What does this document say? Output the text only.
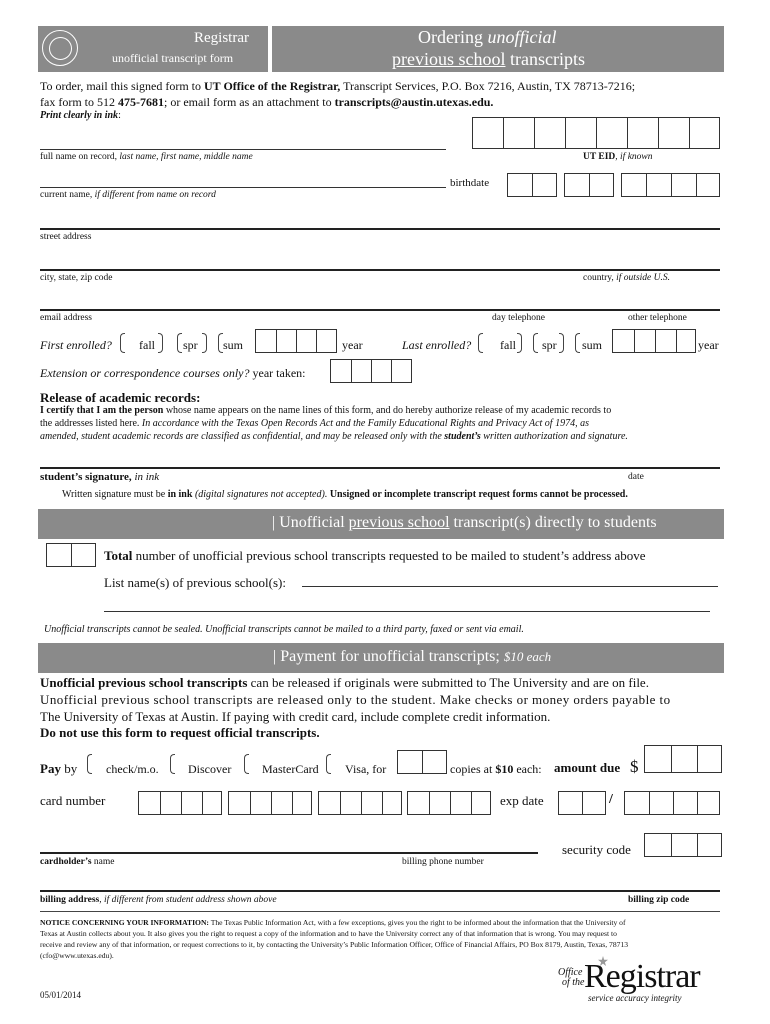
Registrar
unofficial transcript form
Ordering unofficial
previous school transcripts
To order, mail this signed form to UT Office of the Registrar, Transcript Services, P.O. Box 7216, Austin, TX 78713-7216;
fax form to 512 475-7681; or email form as an attachment to transcripts@austin.utexas.edu.
Print clearly in ink:
full name on record, last name, first name, middle name	UT EID, if known
birthdate
current name, if different from name on record
street address
city, state, zip code	country, if outside U.S.
email address	day telephone	other telephone
First enrolled? fall spr sum	year	Last enrolled? fall spr sum	year
Extension or correspondence courses only? year taken:
Release of academic records:
I certify that I am the person whose name appears on the name lines of this form, and do hereby authorize release of my academic records to
the addresses listed here. In accordance with the Texas Open Records Act and the Family Educational Rights and Privacy Act of 1974, as
amended, student academic records are classified as confidential, and may be released only with the student’s written authorization and signature.
student’s signature, in ink	date
Written signature must be in ink (digital signatures not accepted). Unsigned or incomplete transcript request forms cannot be processed.
| Unofficial previous school transcript(s) directly to students
Total number of unofficial previous school transcripts requested to be mailed to student’s address above
List name(s) of previous school(s):
Unofficial transcripts cannot be sealed. Unofficial transcripts cannot be mailed to a third party, faxed or sent via email.
| Payment for unofficial transcripts; $10 each
Unofficial previous school transcripts can be released if originals were submitted to The University and are on file.
Unofficial previous school transcripts are released only to the student. Make checks or money orders payable to
The University of Texas at Austin. If paying with credit card, include complete credit information.
Do not use this form to request official transcripts.
Pay by check/m.o. Discover	MasterCard Visa, for	copies at $10 each: amount due $
card number	exp date	/
security code
cardholder’s name	billing phone number
billing address, if different from student address shown above	billing zip code
NOTICE CONCERNING YOUR INFORMATION: The Texas Public Information Act, with a few exceptions, gives you the right to be informed about the information that the University of
Texas at Austin collects about you. It also gives you the right to request a copy of the information and to have the University correct any of that information that is wrong. You may request to
receive and review any of that information, or request corrections to it, by contacting the University’s Public Information Officer, Office of Financial Affairs, PO Box 8179, Austin, Texas, 78713
(cfo@www.utexas.edu).
05/01/2014
Office
of the Registrar
service accuracy integrity
